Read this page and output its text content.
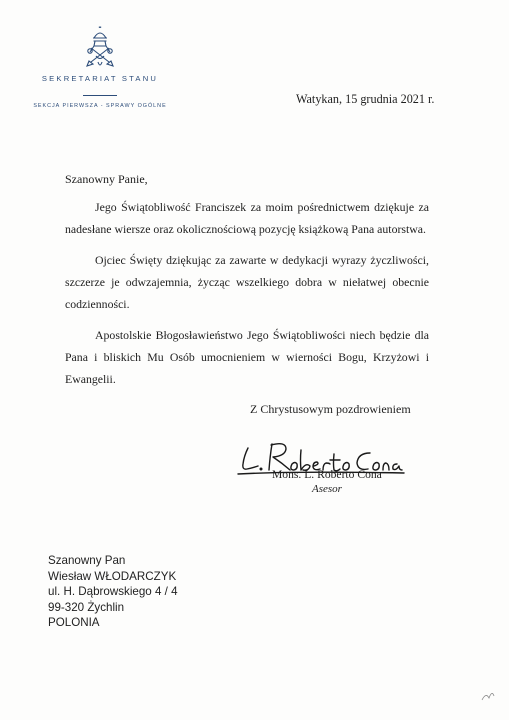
SEKRETARIAT STANU
SEKCJA PIERWSZA - SPRAWY OGÓLNE	Watykan, 15 grudnia 2021 r.
Szanowny Panie,

Jego Świątobliwość Franciszek za moim pośrednictwem dziękuje za nadesłane wiersze oraz okolicznościową pozycję książkową Pana autorstwa.

Ojciec Święty dziękując za zawarte w dedykacji wyrazy życzliwości, szczerze je odwzajemnia, życząc wszelkiego dobra w niełatwej obecnie codzienności.

Apostolskie Błogosławieństwo Jego Świątobliwości niech będzie dla Pana i bliskich Mu Osób umocnieniem w wierności Bogu, Krzyżowi i Ewangelii.

Z Chrystusowym pozdrowieniem
Mons. L. Roberto Cona
Asesor
Szanowny Pan
Wiesław WŁODARCZYK
ul. H. Dąbrowskiego 4 / 4
99-320 Żychlin
POLONIA
